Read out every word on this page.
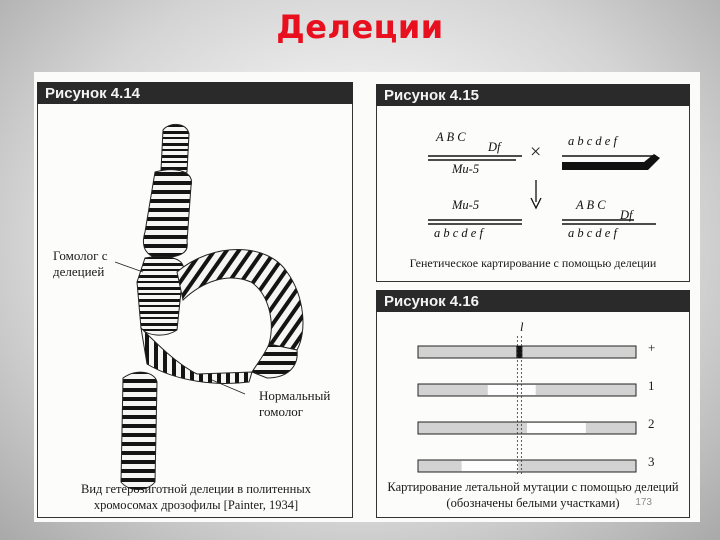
Делеции
Рисунок 4.14
Гомолог с делецией
Нормальный гомолог
Вид гетерозиготной делеции в политенных хромосомах дрозофилы [Painter, 1934]
Рисунок 4.15
A B C
Df
Mu-5
× a b c d e f
Mu-5
a b c d e f
A B C
Df
a b c d e f
Генетическое картирование с помощью делеции
Рисунок 4.16
l
+
1
2
3
Картирование летальной мутации с помощью делеций (обозначены белыми участками)	173
